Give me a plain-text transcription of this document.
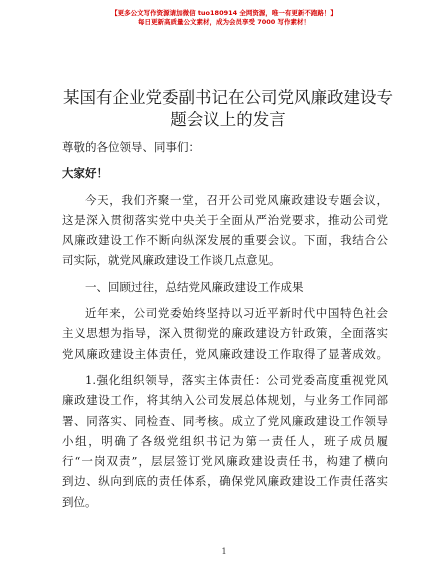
【更多公文写作资源请加微信 tuo180914 全网资源，唯一有更新不跑路！】
每日更新高质量公文素材，成为会员享受 7000 写作素材！
某国有企业党委副书记在公司党风廉政建设专
题会议上的发言
尊敬的各位领导、同事们：
大家好！
今天，我们齐聚一堂，召开公司党风廉政建设专题会议，
这是深入贯彻落实党中央关于全面从严治党要求，推动公司党
风廉政建设工作不断向纵深发展的重要会议。下面，我结合公
司实际，就党风廉政建设工作谈几点意见。
一、回顾过往，总结党风廉政建设工作成果
近年来，公司党委始终坚持以习近平新时代中国特色社会
主义思想为指导，深入贯彻党的廉政建设方针政策，全面落实
党风廉政建设主体责任，党风廉政建设工作取得了显著成效。
1.强化组织领导，落实主体责任：公司党委高度重视党风
廉政建设工作，将其纳入公司发展总体规划，与业务工作同部
署、同落实、同检查、同考核。成立了党风廉政建设工作领导
小组，明确了各级党组织书记为第一责任人，班子成员履
行“一岗双责”，层层签订党风廉政建设责任书，构建了横向
到边、纵向到底的责任体系，确保党风廉政建设工作责任落实
到位。
1
